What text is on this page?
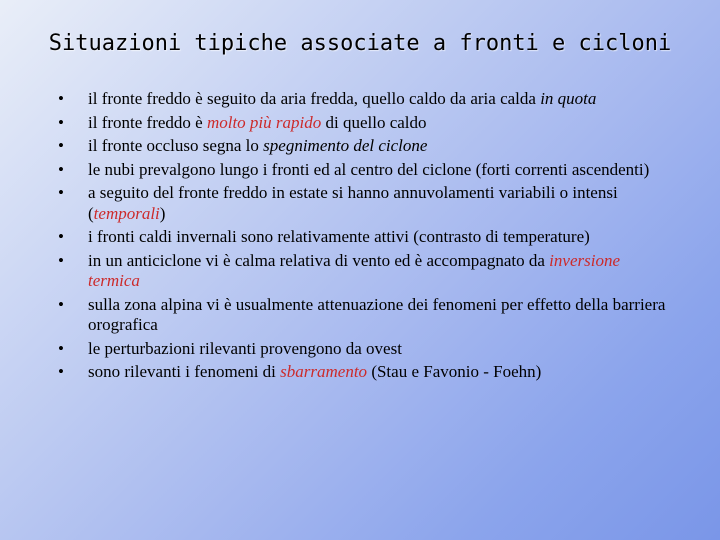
Situazioni tipiche associate a fronti e cicloni
• il fronte freddo è seguito da aria fredda, quello caldo da aria calda in quota
• il fronte freddo è molto più rapido di quello caldo
• il fronte occluso segna lo spegnimento del ciclone
• le nubi prevalgono lungo i fronti ed al centro del ciclone (forti correnti ascendenti)
• a seguito del fronte freddo in estate si hanno annuvolamenti variabili o intensi (temporali)
• i fronti caldi invernali sono relativamente attivi (contrasto di temperature)
• in un anticiclone vi è calma relativa di vento ed è accompagnato da inversione termica
• sulla zona alpina vi è usualmente attenuazione dei fenomeni per effetto della barriera orografica
• le perturbazioni rilevanti provengono da ovest
• sono rilevanti i fenomeni di sbarramento (Stau e Favonio - Foehn)
